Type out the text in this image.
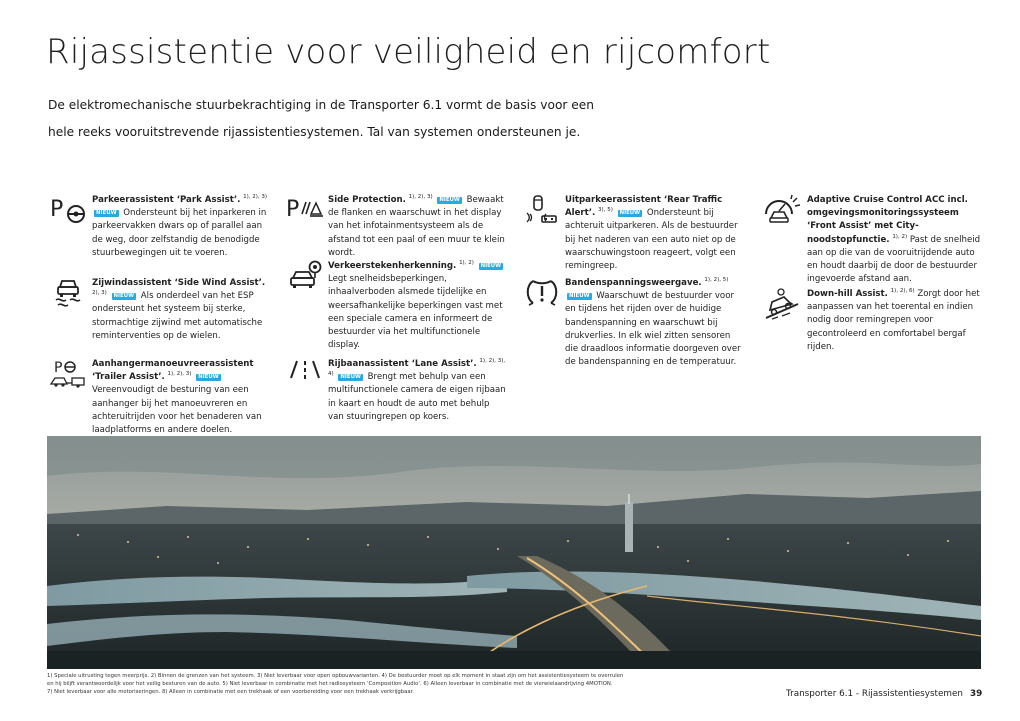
Rijassistentie voor veiligheid en rijcomfort
De elektromechanische stuurbekrachtiging in de Transporter 6.1 vormt de basis voor een
hele reeks vooruitstrevende rijassistentiesystemen. Tal van systemen ondersteunen je.
P	Parkeerassistent ‘Park Assist’. $^{1), 2), 3)}$ NIEUW Ondersteunt bij het inparkeren in parkeervakken dwars op of parallel aan de weg, door zelfstandig de benodigde stuurbewegingen uit te voeren.
Zijwindassistent ‘Side Wind Assist’. $^{2), 3)}$ NIEUW Als onderdeel van het ESP ondersteunt het systeem bij sterke, stormachtige zijwind met automatische reminterventies op de wielen.
P	Aanhangermanoeuvreerassistent ‘Trailer Assist’. $^{1), 2), 3)}$ NIEUW Vereenvoudigt de besturing van een aanhanger bij het manoeuvreren en achteruitrijden voor het benaderen van laadplatforms en andere doelen.
P	Side Protection. $^{1), 2), 3)}$ NIEUW Bewaakt de flanken en waarschuwt in het display van het infotainmentsysteem als de afstand tot een paal of een muur te klein wordt.
Verkeerstekenherkenning. $^{1), 2)}$ NIEUW Legt snelheidsbeperkingen, inhaalverboden alsmede tijdelijke en weersafhankelijke beperkingen vast met een speciale camera en informeert de bestuurder via het multifunctionele display.
Rijbaanassistent ‘Lane Assist’. $^{1), 2), 3), 4)}$ NIEUW Brengt met behulp van een multifunctionele camera de eigen rijbaan in kaart en houdt de auto met behulp van stuuringrepen op koers.
Uitparkeerassistent ‘Rear Traffic Alert’. $^{3), 5)}$ NIEUW Ondersteunt bij achteruit uitparkeren. Als de bestuurder bij het naderen van een auto niet op de waarschuwingstoon reageert, volgt een remingreep.
Bandenspanningsweergave. $^{1), 2), 5)}$ NIEUW Waarschuwt de bestuurder voor en tijdens het rijden over de huidige bandenspanning en waarschuwt bij drukverlies. In elk wiel zitten sensoren die draadloos informatie doorgeven over de bandenspanning en de temperatuur.
Adaptive Cruise Control ACC incl. omgevingsmonitoringssysteem ‘Front Assist’ met City-noodstopfunctie. $^{1), 2)}$ Past de snelheid aan op die van de vooruitrijdende auto en houdt daarbij de door de bestuurder ingevoerde afstand aan.
Down-hill Assist. $^{1), 2), 6)}$ Zorgt door het aanpassen van het toerental en indien nodig door remingrepen voor gecontroleerd en comfortabel bergaf rijden.
1) Speciale uitrusting tegen meerprijs. 2) Binnen de grenzen van het systeem. 3) Niet leverbaar voor open opbouwvarianten. 4) De bestuurder moet op elk moment in staat zijn om het assistentiesysteem te overrulen
en hij blijft verantwoordelijk voor het veilig besturen van de auto. 5) Niet leverbaar in combinatie met het radiosysteem ‘Composition Audio’. 6) Alleen leverbaar in combinatie met de vierwielaandrijving 4MOTION.
7) Niet leverbaar voor alle motoriseringen. 8) Alleen in combinatie met een trekhaak of een voorbereiding voor een trekhaak verkrijgbaar.	Transporter 6.1 - Rijassistentiesystemen 39
